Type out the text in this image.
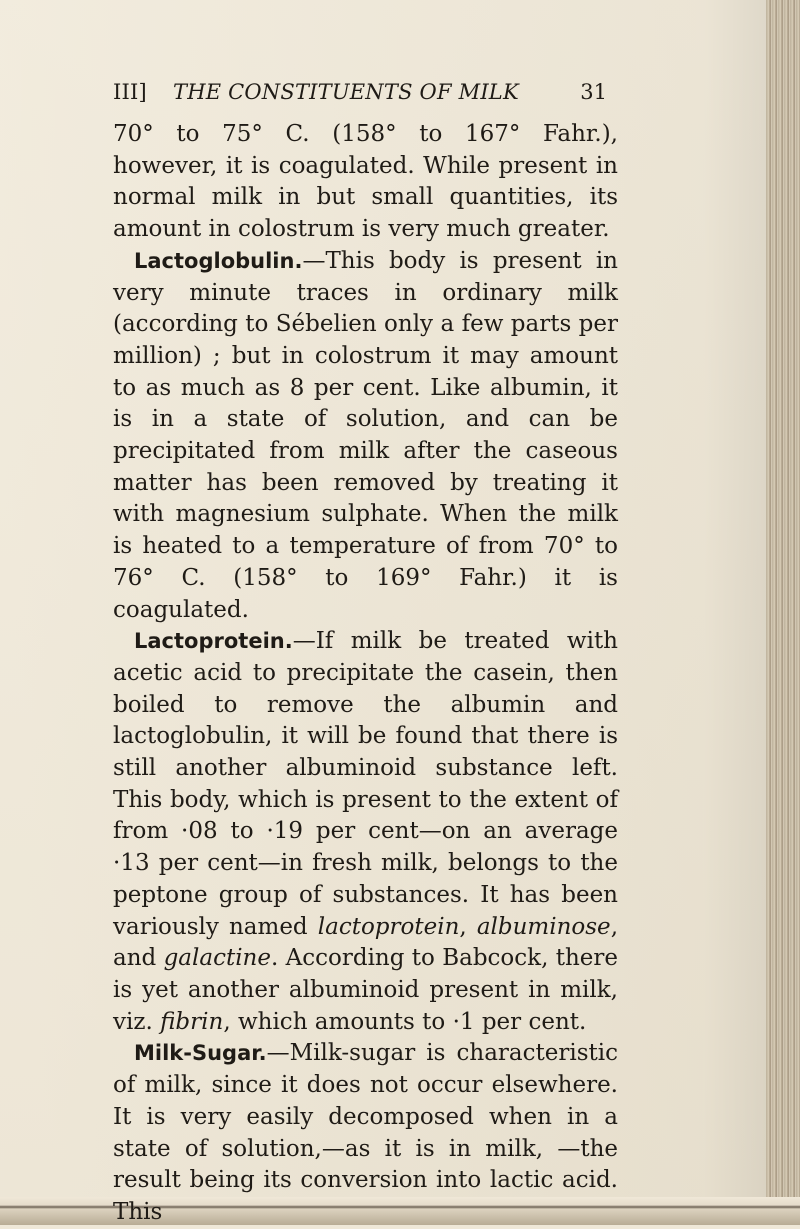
III] THE CONSTITUENTS OF MILK	31

70° to 75° C. (158° to 167° Fahr.), however, it is coagulated. While present in normal milk in but small quantities, its amount in colostrum is very much greater.

Lactoglobulin.—This body is present in very minute traces in ordinary milk (according to Sébelien only a few parts per million) ; but in colostrum it may amount to as much as 8 per cent. Like albumin, it is in a state of solution, and can be precipitated from milk after the caseous matter has been removed by treating it with magnesium sulphate. When the milk is heated to a temperature of from 70° to 76° C. (158° to 169° Fahr.) it is coagulated.

Lactoprotein.—If milk be treated with acetic acid to precipitate the casein, then boiled to remove the albumin and lactoglobulin, it will be found that there is still another albuminoid substance left. This body, which is present to the extent of from ·08 to ·19 per cent—on an average ·13 per cent—in fresh milk, belongs to the peptone group of substances. It has been variously named lactoprotein, albuminose, and galactine. According to Babcock, there is yet another albuminoid present in milk, viz. fibrin, which amounts to ·1 per cent.

Milk-Sugar.—Milk-sugar is characteristic of milk, since it does not occur elsewhere. It is very easily decomposed when in a state of solution,—as it is in milk, —the result being its conversion into lactic acid. This
